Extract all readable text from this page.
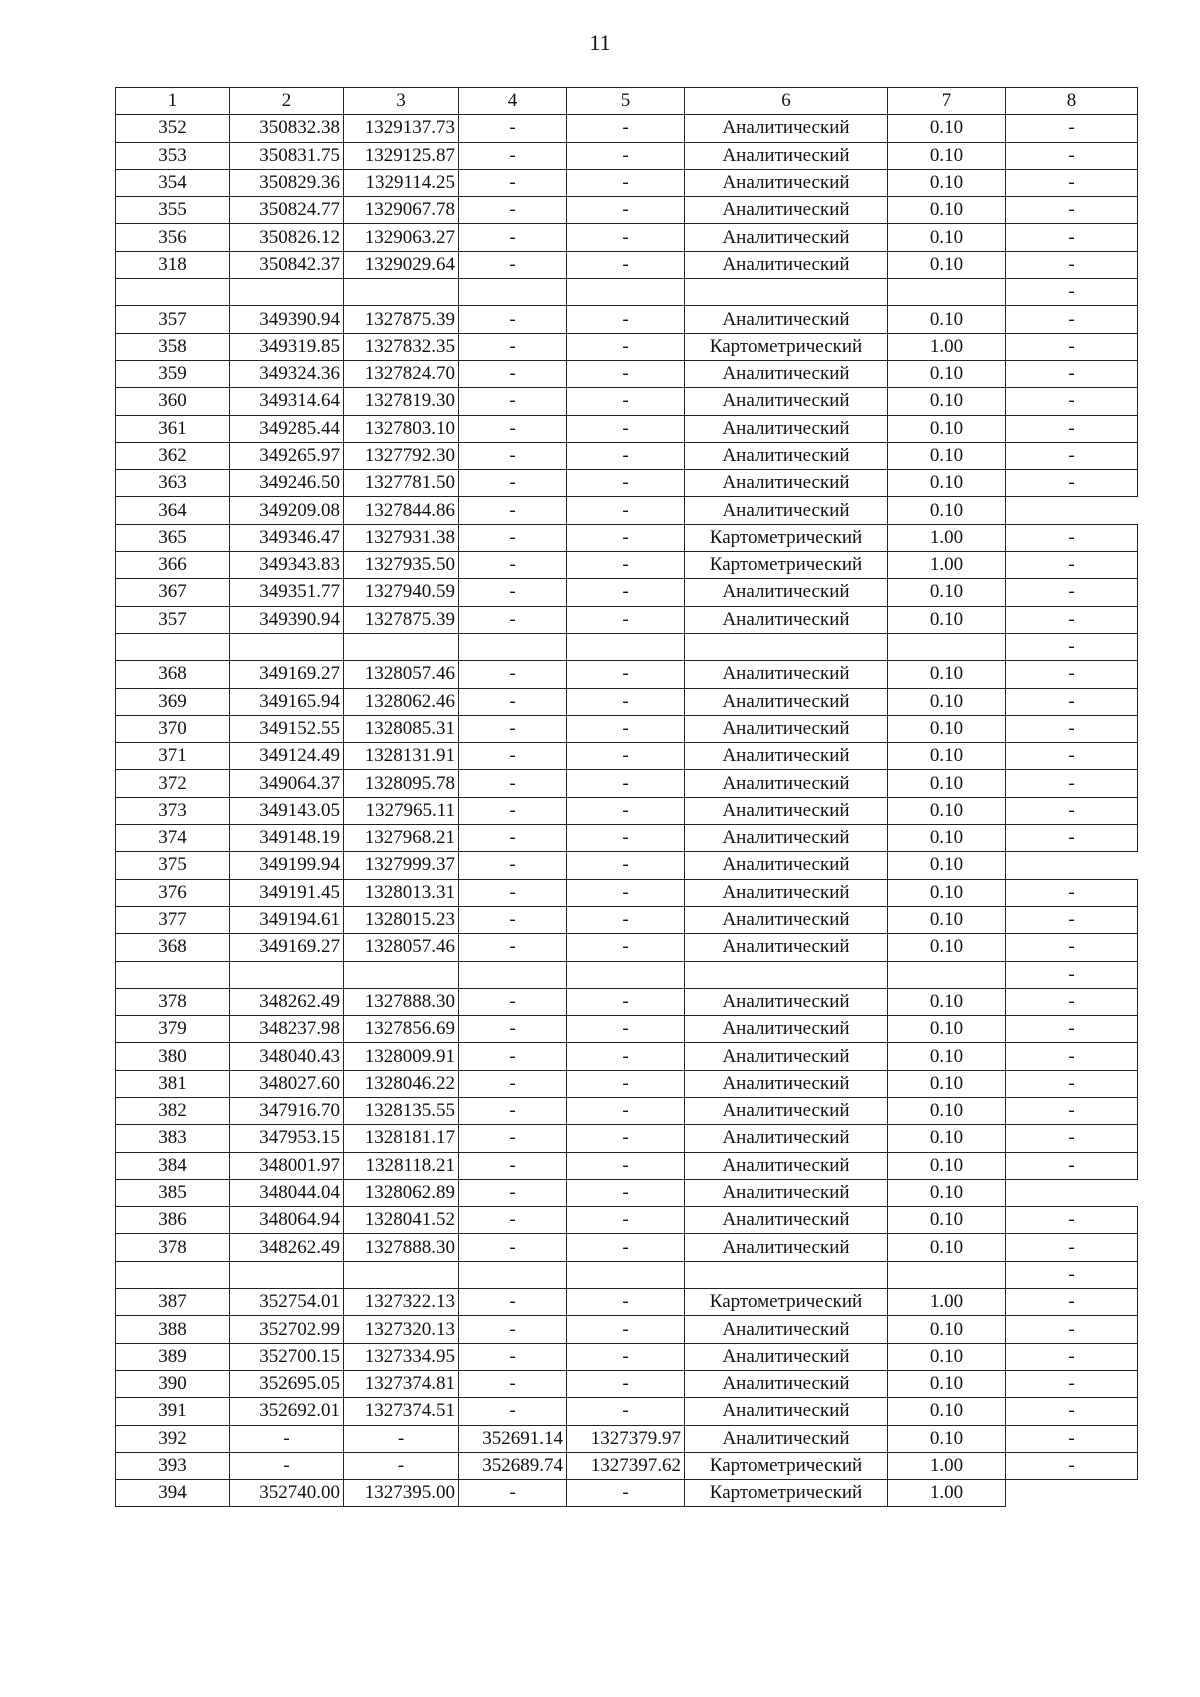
11
1	2	3	4	5	6	7	8
352	350832.38	1329137.73	-	-	Аналитический	0.10	-
353	350831.75	1329125.87	-	-	Аналитический	0.10	-
354	350829.36	1329114.25	-	-	Аналитический	0.10	-
355	350824.77	1329067.78	-	-	Аналитический	0.10	-
356	350826.12	1329063.27	-	-	Аналитический	0.10	-
318	350842.37	1329029.64	-	-	Аналитический	0.10	-
							-
357	349390.94	1327875.39	-	-	Аналитический	0.10	-
358	349319.85	1327832.35	-	-	Картометрический	1.00	-
359	349324.36	1327824.70	-	-	Аналитический	0.10	-
360	349314.64	1327819.30	-	-	Аналитический	0.10	-
361	349285.44	1327803.10	-	-	Аналитический	0.10	-
362	349265.97	1327792.30	-	-	Аналитический	0.10	-
363	349246.50	1327781.50	-	-	Аналитический	0.10	-
364	349209.08	1327844.86	-	-	Аналитический	0.10	
365	349346.47	1327931.38	-	-	Картометрический	1.00	-
366	349343.83	1327935.50	-	-	Картометрический	1.00	-
367	349351.77	1327940.59	-	-	Аналитический	0.10	-
357	349390.94	1327875.39	-	-	Аналитический	0.10	-
							-
368	349169.27	1328057.46	-	-	Аналитический	0.10	-
369	349165.94	1328062.46	-	-	Аналитический	0.10	-
370	349152.55	1328085.31	-	-	Аналитический	0.10	-
371	349124.49	1328131.91	-	-	Аналитический	0.10	-
372	349064.37	1328095.78	-	-	Аналитический	0.10	-
373	349143.05	1327965.11	-	-	Аналитический	0.10	-
374	349148.19	1327968.21	-	-	Аналитический	0.10	-
375	349199.94	1327999.37	-	-	Аналитический	0.10	
376	349191.45	1328013.31	-	-	Аналитический	0.10	-
377	349194.61	1328015.23	-	-	Аналитический	0.10	-
368	349169.27	1328057.46	-	-	Аналитический	0.10	-
							-
378	348262.49	1327888.30	-	-	Аналитический	0.10	-
379	348237.98	1327856.69	-	-	Аналитический	0.10	-
380	348040.43	1328009.91	-	-	Аналитический	0.10	-
381	348027.60	1328046.22	-	-	Аналитический	0.10	-
382	347916.70	1328135.55	-	-	Аналитический	0.10	-
383	347953.15	1328181.17	-	-	Аналитический	0.10	-
384	348001.97	1328118.21	-	-	Аналитический	0.10	-
385	348044.04	1328062.89	-	-	Аналитический	0.10	
386	348064.94	1328041.52	-	-	Аналитический	0.10	-
378	348262.49	1327888.30	-	-	Аналитический	0.10	-
							-
387	352754.01	1327322.13	-	-	Картометрический	1.00	-
388	352702.99	1327320.13	-	-	Аналитический	0.10	-
389	352700.15	1327334.95	-	-	Аналитический	0.10	-
390	352695.05	1327374.81	-	-	Аналитический	0.10	-
391	352692.01	1327374.51	-	-	Аналитический	0.10	-
392	-	-	352691.14	1327379.97	Аналитический	0.10	-
393	-	-	352689.74	1327397.62	Картометрический	1.00	-
394	352740.00	1327395.00	-	-	Картометрический	1.00	
